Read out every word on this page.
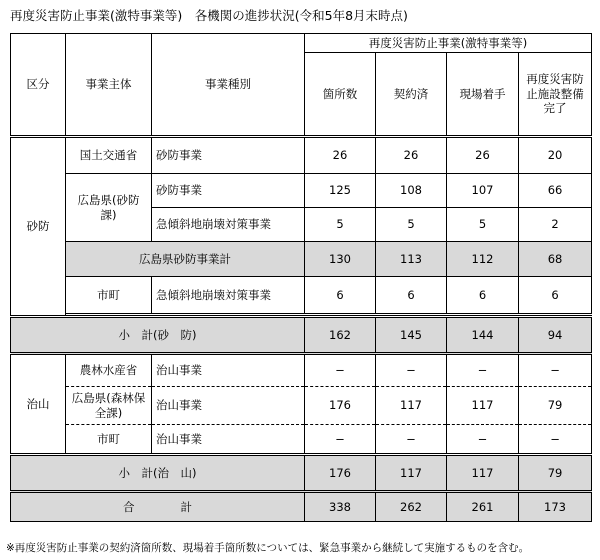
再度災害防止事業(激特事業等)　各機関の進捗状況(令和5年8月末時点)
区分	事業主体	事業種別	再度災害防止事業(激特事業等)			
			箇所数	契約済	現場着手	再度災害防止施設整備完了
砂防	国土交通省	砂防事業	26	26	26	20
	広島県(砂防課)	砂防事業	125	108	107	66
		急傾斜地崩壊対策事業	5	5	5	2
	広島県砂防事業計		130	113	112	68
	市町	急傾斜地崩壊対策事業	6	6	6	6

小　計(砂　防)			162	145	144	94
治山	農林水産省	治山事業	−	−	−	−
	広島県(森林保全課)	治山事業	176	117	117	79
	市町	治山事業	−	−	−	−
小　計(治　山)			176	117	117	79
合　　　　計			338	262	261	173
※再度災害防止事業の契約済箇所数、現場着手箇所数については、緊急事業から継続して実施するものを含む。
